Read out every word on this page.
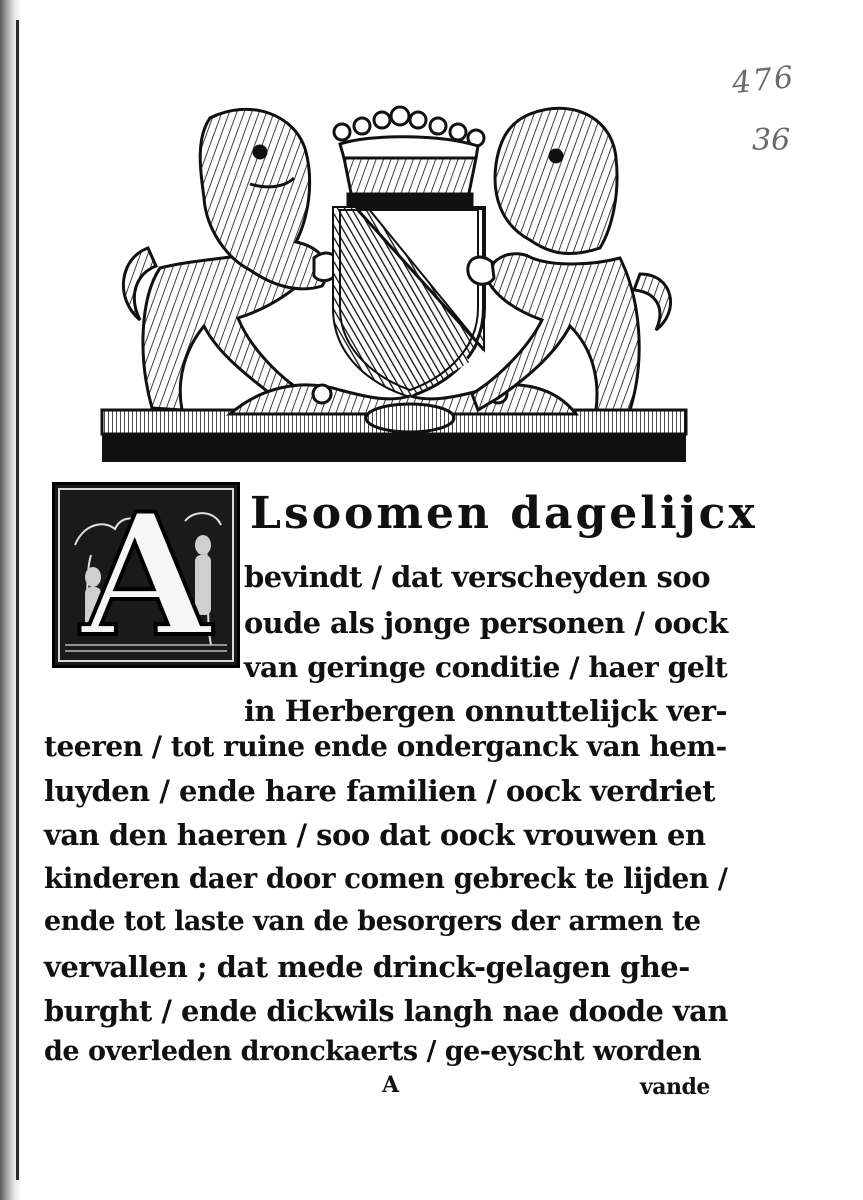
476
36
A Lsoomen dagelijcx
bevindt / dat verscheyden soo
oude als jonge personen / oock
van geringe conditie / haer gelt
in Herbergen onnuttelijck ver-
teeren / tot ruine ende onderganck van hem-
luyden / ende hare familien / oock verdriet
van den haeren / soo dat oock vrouwen en
kinderen daer door comen gebreck te lijden /
ende tot laste van de besorgers der armen te
vervallen ; dat mede drinck-gelagen ghe-
burght / ende dickwils langh nae doode van
de overleden dronckaerts / ge-eyscht worden
A	vande
